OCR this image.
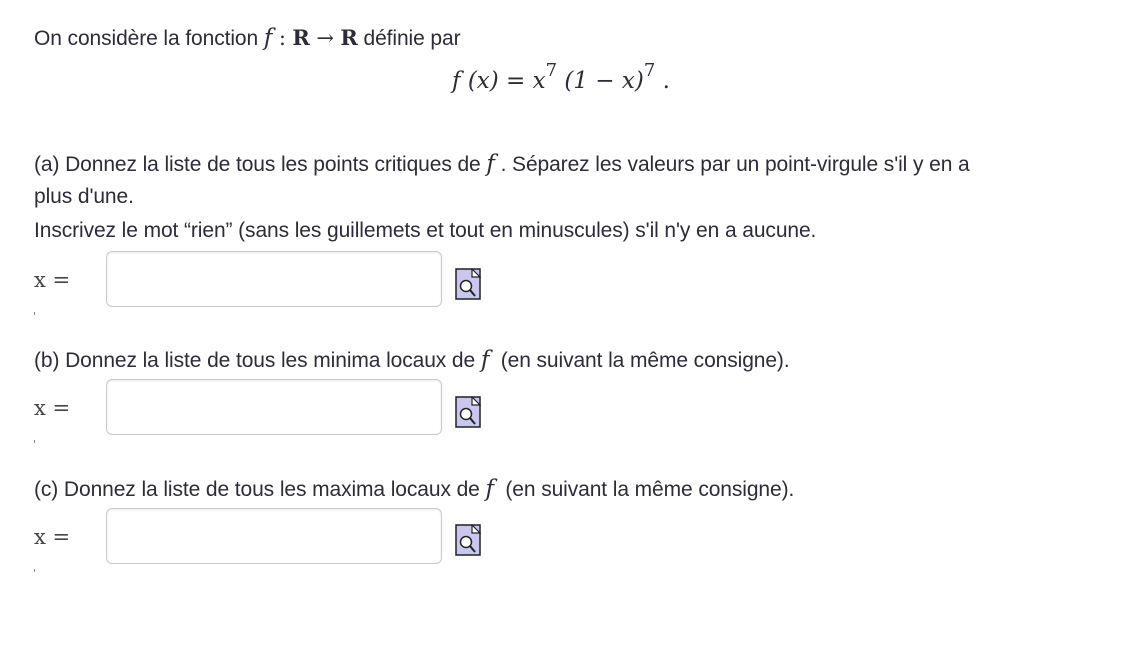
On considère la fonction f : R → R définie par
f $(x) = x^7$ $(1 - x)^7$ .
(a) Donnez la liste de tous les points critiques de f . Séparez les valeurs par un point-virgule s'il y en a
plus d'une.
Inscrivez le mot “rien” (sans les guillemets et tout en minuscules) s'il n'y en a aucune.
x =
(b) Donnez la liste de tous les minima locaux de f (en suivant la même consigne).
x =
(c) Donnez la liste de tous les maxima locaux de f (en suivant la même consigne).
x =
